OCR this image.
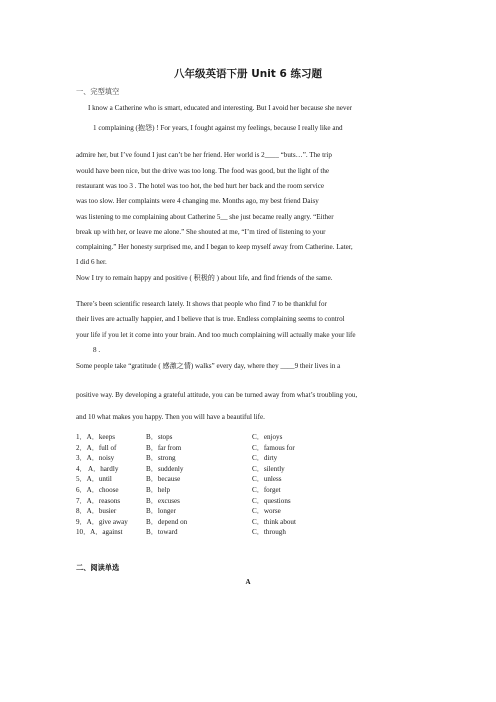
八年级英语下册 Unit 6 练习题
一、完型填空
I know a Catherine who is smart, educated and interesting. But I avoid her because she never
1 complaining (抱怨) ! For years, I fought against my feelings, because I really like and
admire her, but I’ve found I just can’t be her friend. Her world is 2____ “buts…”. The trip
would have been nice, but the drive was too long. The food was good, but the light of the
restaurant was too 3 . The hotel was too hot, the bed hurt her back and the room service
was too slow. Her complaints were 4 changing me. Months ago, my best friend Daisy
was listening to me complaining about Catherine 5__ she just became really angry. “Either
break up with her, or leave me alone.” She shouted at me, “I’m tired of listening to your
complaining.” Her honesty surprised me, and I began to keep myself away from Catherine. Later,
I did 6 her.
Now I try to remain happy and positive ( 积极的 ) about life, and find friends of the same.
There’s been scientific research lately. It shows that people who find 7 to be thankful for
their lives are actually happier, and I believe that is true. Endless complaining seems to control
your life if you let it come into your brain. And too much complaining will actually make your life
8 .
Some people take “gratitude ( 感激之情) walks” every day, where they ____9 their lives in a
positive way. By developing a grateful attitude, you can be turned away from what’s troubling you,
and 10 what makes you happy. Then you will have a beautiful life.
1．A．keeps	B．stops	C．enjoys
2．A．full of	B．far from	C．famous for
3．A．noisy	B．strong	C．dirty
4． A．hardly	B．suddenly	C．silently
5．A．until	B．because	C．unless
6．A．choose	B．help	C．forget
7．A．reasons	B．excuses	C．questions
8．A．busier	B．longer	C．worse
9．A．give away	B．depend on	C．think about
10．A．against	B．toward	C．through
二、阅读单选
A
